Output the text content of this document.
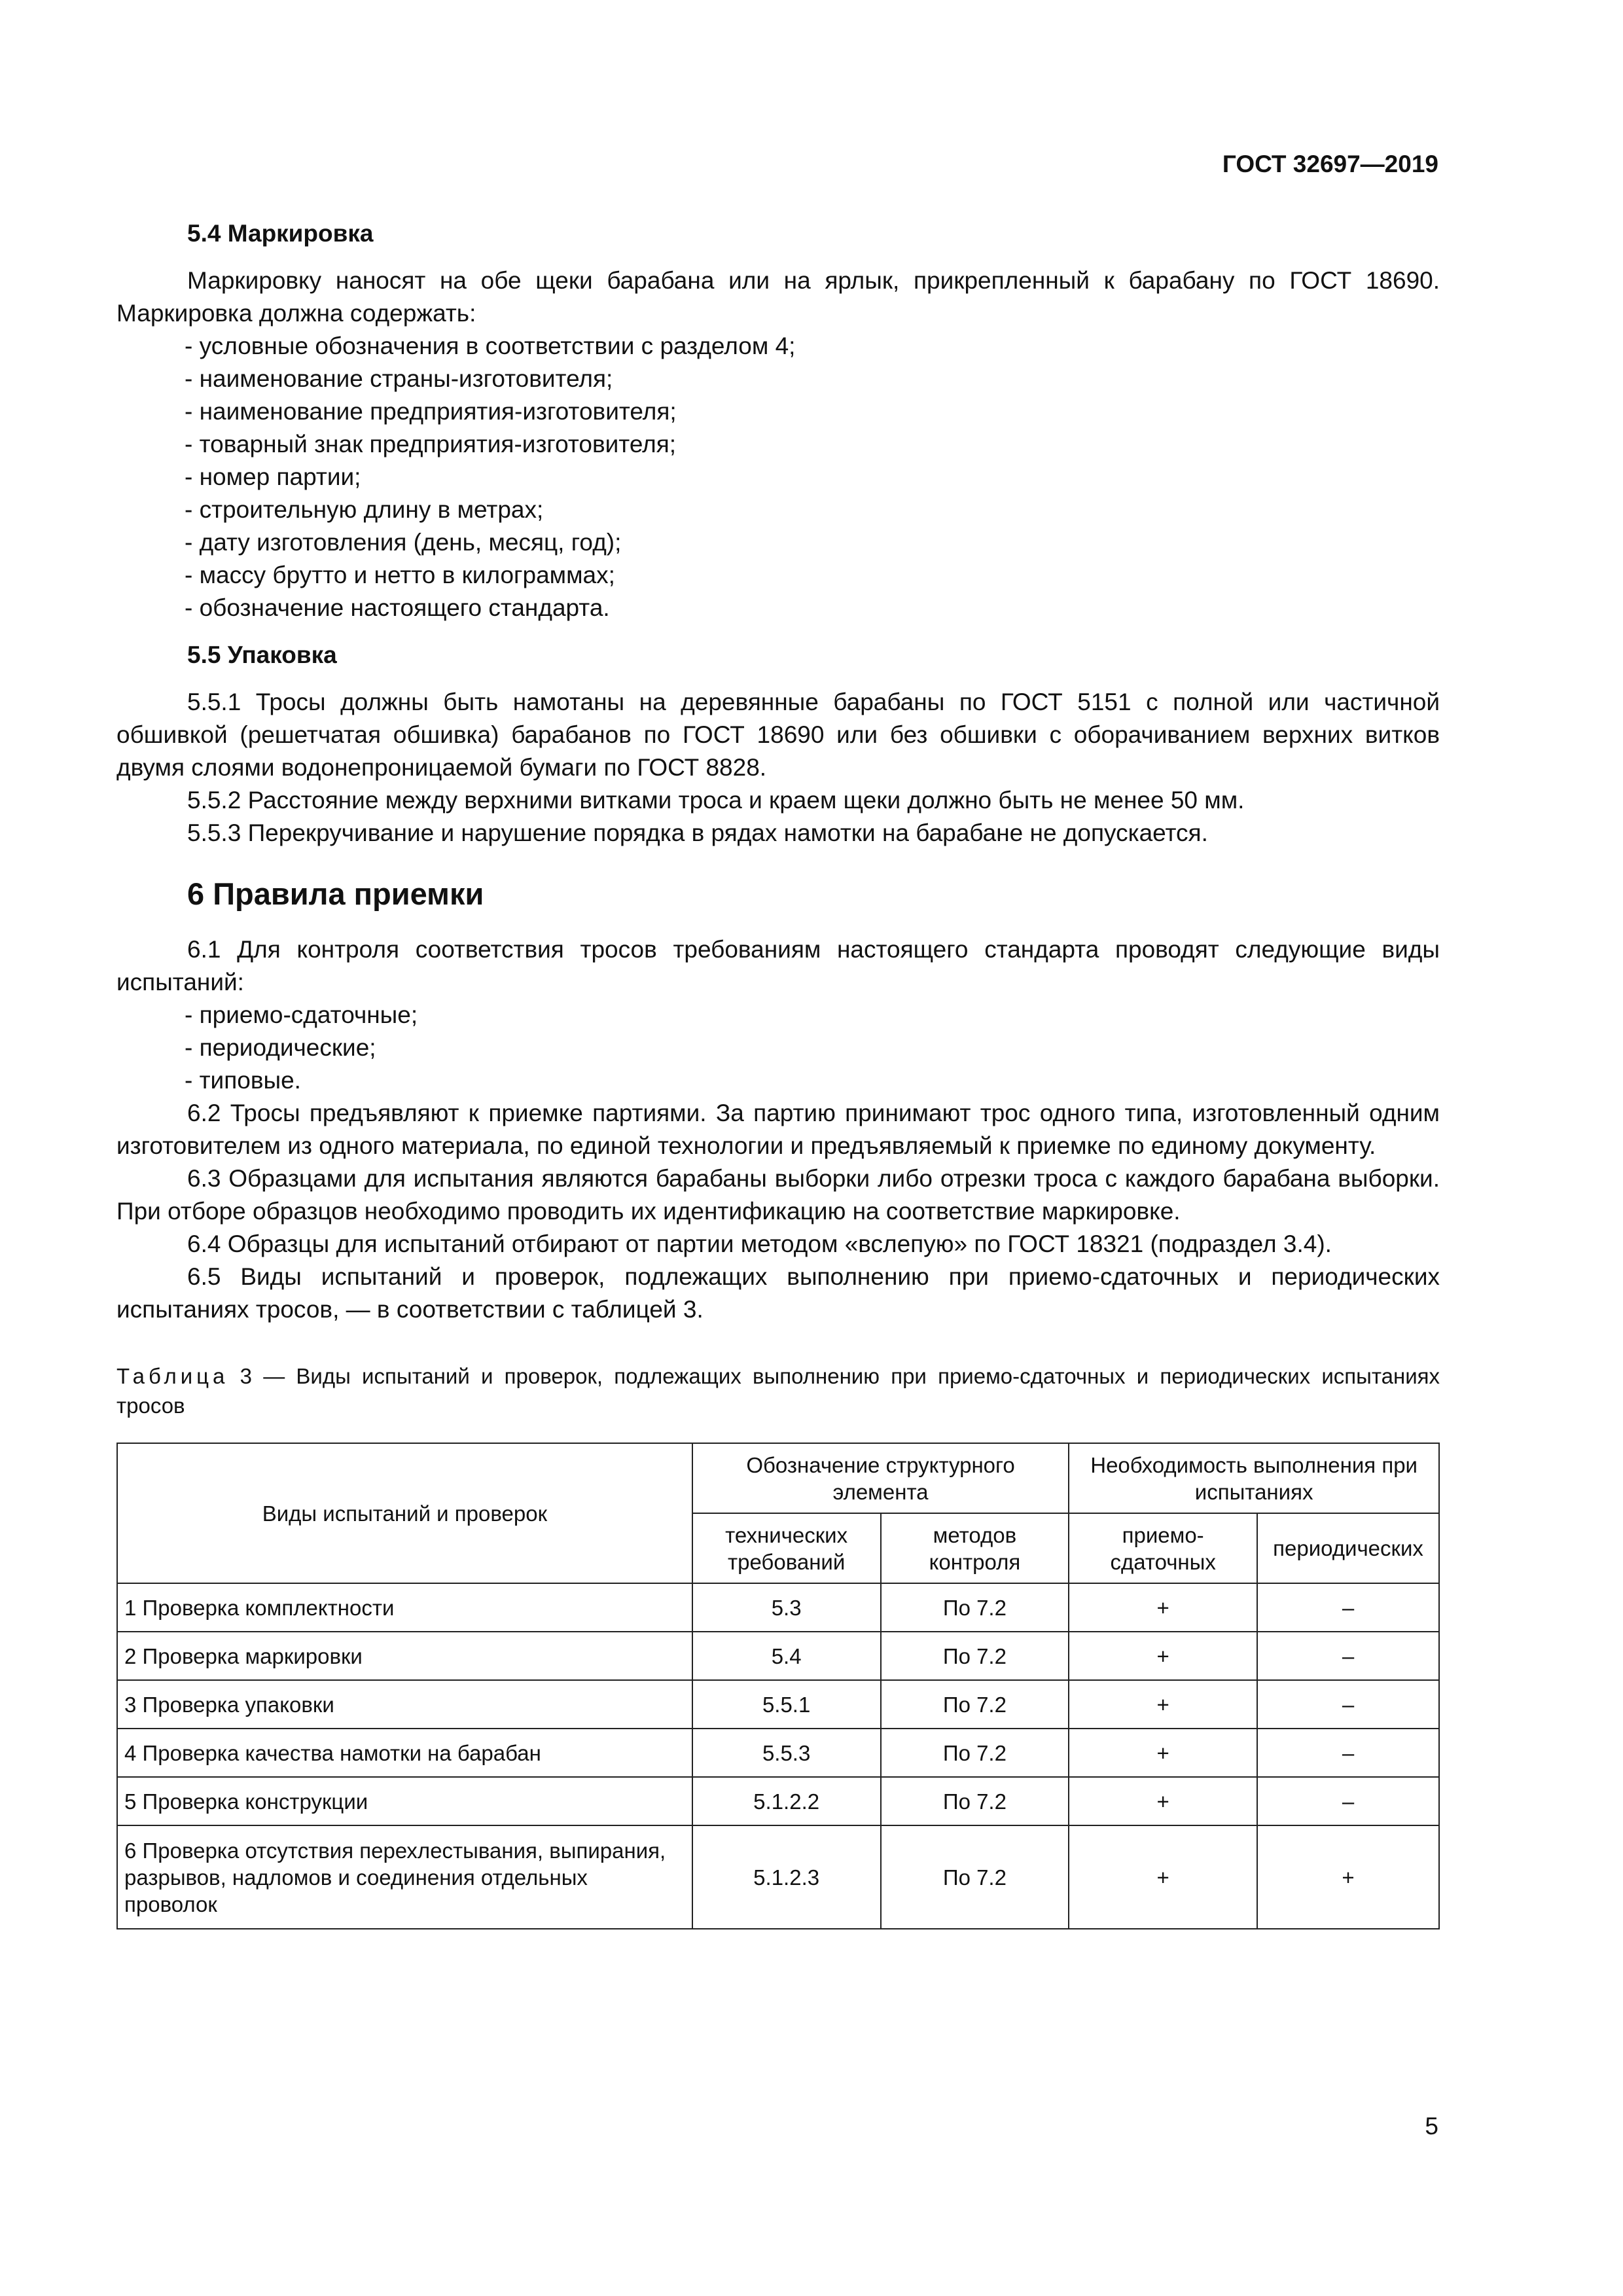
ГОСТ 32697—2019
5.4 Маркировка

Маркировку наносят на обе щеки барабана или на ярлык, прикрепленный к барабану по ГОСТ 18690. Маркировка должна содержать:

- условные обозначения в соответствии с разделом 4;
- наименование страны-изготовителя;
- наименование предприятия-изготовителя;
- товарный знак предприятия-изготовителя;
- номер партии;
- строительную длину в метрах;
- дату изготовления (день, месяц, год);
- массу брутто и нетто в килограммах;
- обозначение настоящего стандарта.
5.5 Упаковка

5.5.1 Тросы должны быть намотаны на деревянные барабаны по ГОСТ 5151 с полной или частичной обшивкой (решетчатая обшивка) барабанов по ГОСТ 18690 или без обшивки с оборачиванием верхних витков двумя слоями водонепроницаемой бумаги по ГОСТ 8828.

5.5.2 Расстояние между верхними витками троса и краем щеки должно быть не менее 50 мм.

5.5.3 Перекручивание и нарушение порядка в рядах намотки на барабане не допускается.

6 Правила приемки

6.1 Для контроля соответствия тросов требованиям настоящего стандарта проводят следующие виды испытаний:

- приемо-сдаточные;
- периодические;
- типовые.

6.2 Тросы предъявляют к приемке партиями. За партию принимают трос одного типа, изготовленный одним изготовителем из одного материала, по единой технологии и предъявляемый к приемке по единому документу.

6.3 Образцами для испытания являются барабаны выборки либо отрезки троса с каждого барабана выборки. При отборе образцов необходимо проводить их идентификацию на соответствие маркировке.

6.4 Образцы для испытаний отбирают от партии методом «вслепую» по ГОСТ 18321 (подраздел 3.4).

6.5 Виды испытаний и проверок, подлежащих выполнению при приемо-сдаточных и периодических испытаниях тросов, — в соответствии с таблицей 3.

Таблица 3 — Виды испытаний и проверок, подлежащих выполнению при приемо-сдаточных и периодических испытаниях тросов
Виды испытаний и проверок	Обозначение структурного элемента		Необходимость выполнения при испытаниях	
	технических требований	методов контроля	приемо-сдаточных	периодических
1 Проверка комплектности	5.3	По 7.2	+	–
2 Проверка маркировки	5.4	По 7.2	+	–
3 Проверка упаковки	5.5.1	По 7.2	+	–
4 Проверка качества намотки на барабан	5.5.3	По 7.2	+	–
5 Проверка конструкции	5.1.2.2	По 7.2	+	–
6 Проверка отсутствия перехлестывания, выпирания, разрывов, надломов и соединения отдельных проволок	5.1.2.3	По 7.2	+	+
5
